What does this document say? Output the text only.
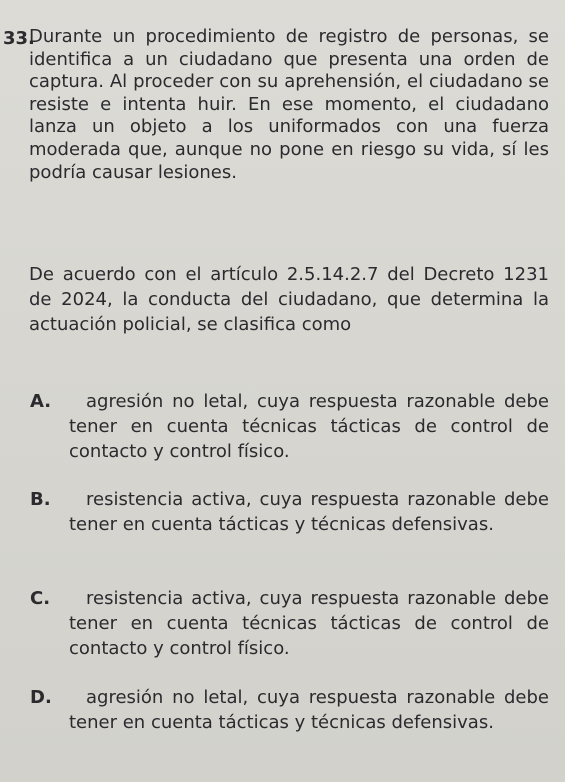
33.

Durante un procedimiento de registro de personas, se identifica a un ciudadano que presenta una orden de captura. Al proceder con su aprehensión, el ciudadano se resiste e intenta huir. En ese momento, el ciudadano lanza un objeto a los uniformados con una fuerza moderada que, aunque no pone en riesgo su vida, sí les podría causar lesiones.

De acuerdo con el artículo 2.5.14.2.7 del Decreto 1231 de 2024, la conducta del ciudadano, que determina la actuación policial, se clasifica como

A.	agresión no letal, cuya respuesta razonable debe tener en cuenta técnicas tácticas de control de contacto y control físico.

B.	resistencia activa, cuya respuesta razonable debe tener en cuenta tácticas y técnicas defensivas.

C.	resistencia activa, cuya respuesta razonable debe tener en cuenta técnicas tácticas de control de contacto y control físico.

D.	agresión no letal, cuya respuesta razonable debe tener en cuenta tácticas y técnicas defensivas.
